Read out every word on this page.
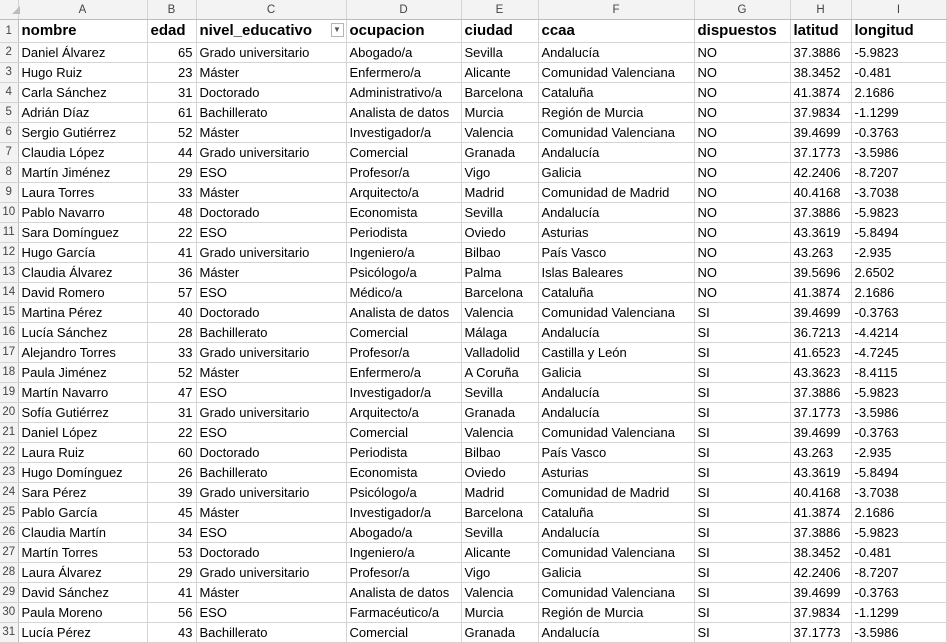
	A	B	C	D	E	F	G	H	I
1	nombre	edad	nivel_educativo ▼	ocupacion	ciudad	ccaa	dispuestos	latitud	longitud
2	Daniel Álvarez	65	Grado universitario	Abogado/a	Sevilla	Andalucía	NO	37.3886	-5.9823
3	Hugo Ruiz	23	Máster	Enfermero/a	Alicante	Comunidad Valenciana	NO	38.3452	-0.481
4	Carla Sánchez	31	Doctorado	Administrativo/a	Barcelona	Cataluña	NO	41.3874	2.1686
5	Adrián Díaz	61	Bachillerato	Analista de datos	Murcia	Región de Murcia	NO	37.9834	-1.1299
6	Sergio Gutiérrez	52	Máster	Investigador/a	Valencia	Comunidad Valenciana	NO	39.4699	-0.3763
7	Claudia López	44	Grado universitario	Comercial	Granada	Andalucía	NO	37.1773	-3.5986
8	Martín Jiménez	29	ESO	Profesor/a	Vigo	Galicia	NO	42.2406	-8.7207
9	Laura Torres	33	Máster	Arquitecto/a	Madrid	Comunidad de Madrid	NO	40.4168	-3.7038
10	Pablo Navarro	48	Doctorado	Economista	Sevilla	Andalucía	NO	37.3886	-5.9823
11	Sara Domínguez	22	ESO	Periodista	Oviedo	Asturias	NO	43.3619	-5.8494
12	Hugo García	41	Grado universitario	Ingeniero/a	Bilbao	País Vasco	NO	43.263	-2.935
13	Claudia Álvarez	36	Máster	Psicólogo/a	Palma	Islas Baleares	NO	39.5696	2.6502
14	David Romero	57	ESO	Médico/a	Barcelona	Cataluña	NO	41.3874	2.1686
15	Martina Pérez	40	Doctorado	Analista de datos	Valencia	Comunidad Valenciana	SI	39.4699	-0.3763
16	Lucía Sánchez	28	Bachillerato	Comercial	Málaga	Andalucía	SI	36.7213	-4.4214
17	Alejandro Torres	33	Grado universitario	Profesor/a	Valladolid	Castilla y León	SI	41.6523	-4.7245
18	Paula Jiménez	52	Máster	Enfermero/a	A Coruña	Galicia	SI	43.3623	-8.4115
19	Martín Navarro	47	ESO	Investigador/a	Sevilla	Andalucía	SI	37.3886	-5.9823
20	Sofía Gutiérrez	31	Grado universitario	Arquitecto/a	Granada	Andalucía	SI	37.1773	-3.5986
21	Daniel López	22	ESO	Comercial	Valencia	Comunidad Valenciana	SI	39.4699	-0.3763
22	Laura Ruiz	60	Doctorado	Periodista	Bilbao	País Vasco	SI	43.263	-2.935
23	Hugo Domínguez	26	Bachillerato	Economista	Oviedo	Asturias	SI	43.3619	-5.8494
24	Sara Pérez	39	Grado universitario	Psicólogo/a	Madrid	Comunidad de Madrid	SI	40.4168	-3.7038
25	Pablo García	45	Máster	Investigador/a	Barcelona	Cataluña	SI	41.3874	2.1686
26	Claudia Martín	34	ESO	Abogado/a	Sevilla	Andalucía	SI	37.3886	-5.9823
27	Martín Torres	53	Doctorado	Ingeniero/a	Alicante	Comunidad Valenciana	SI	38.3452	-0.481
28	Laura Álvarez	29	Grado universitario	Profesor/a	Vigo	Galicia	SI	42.2406	-8.7207
29	David Sánchez	41	Máster	Analista de datos	Valencia	Comunidad Valenciana	SI	39.4699	-0.3763
30	Paula Moreno	56	ESO	Farmacéutico/a	Murcia	Región de Murcia	SI	37.9834	-1.1299
31	Lucía Pérez	43	Bachillerato	Comercial	Granada	Andalucía	SI	37.1773	-3.5986
